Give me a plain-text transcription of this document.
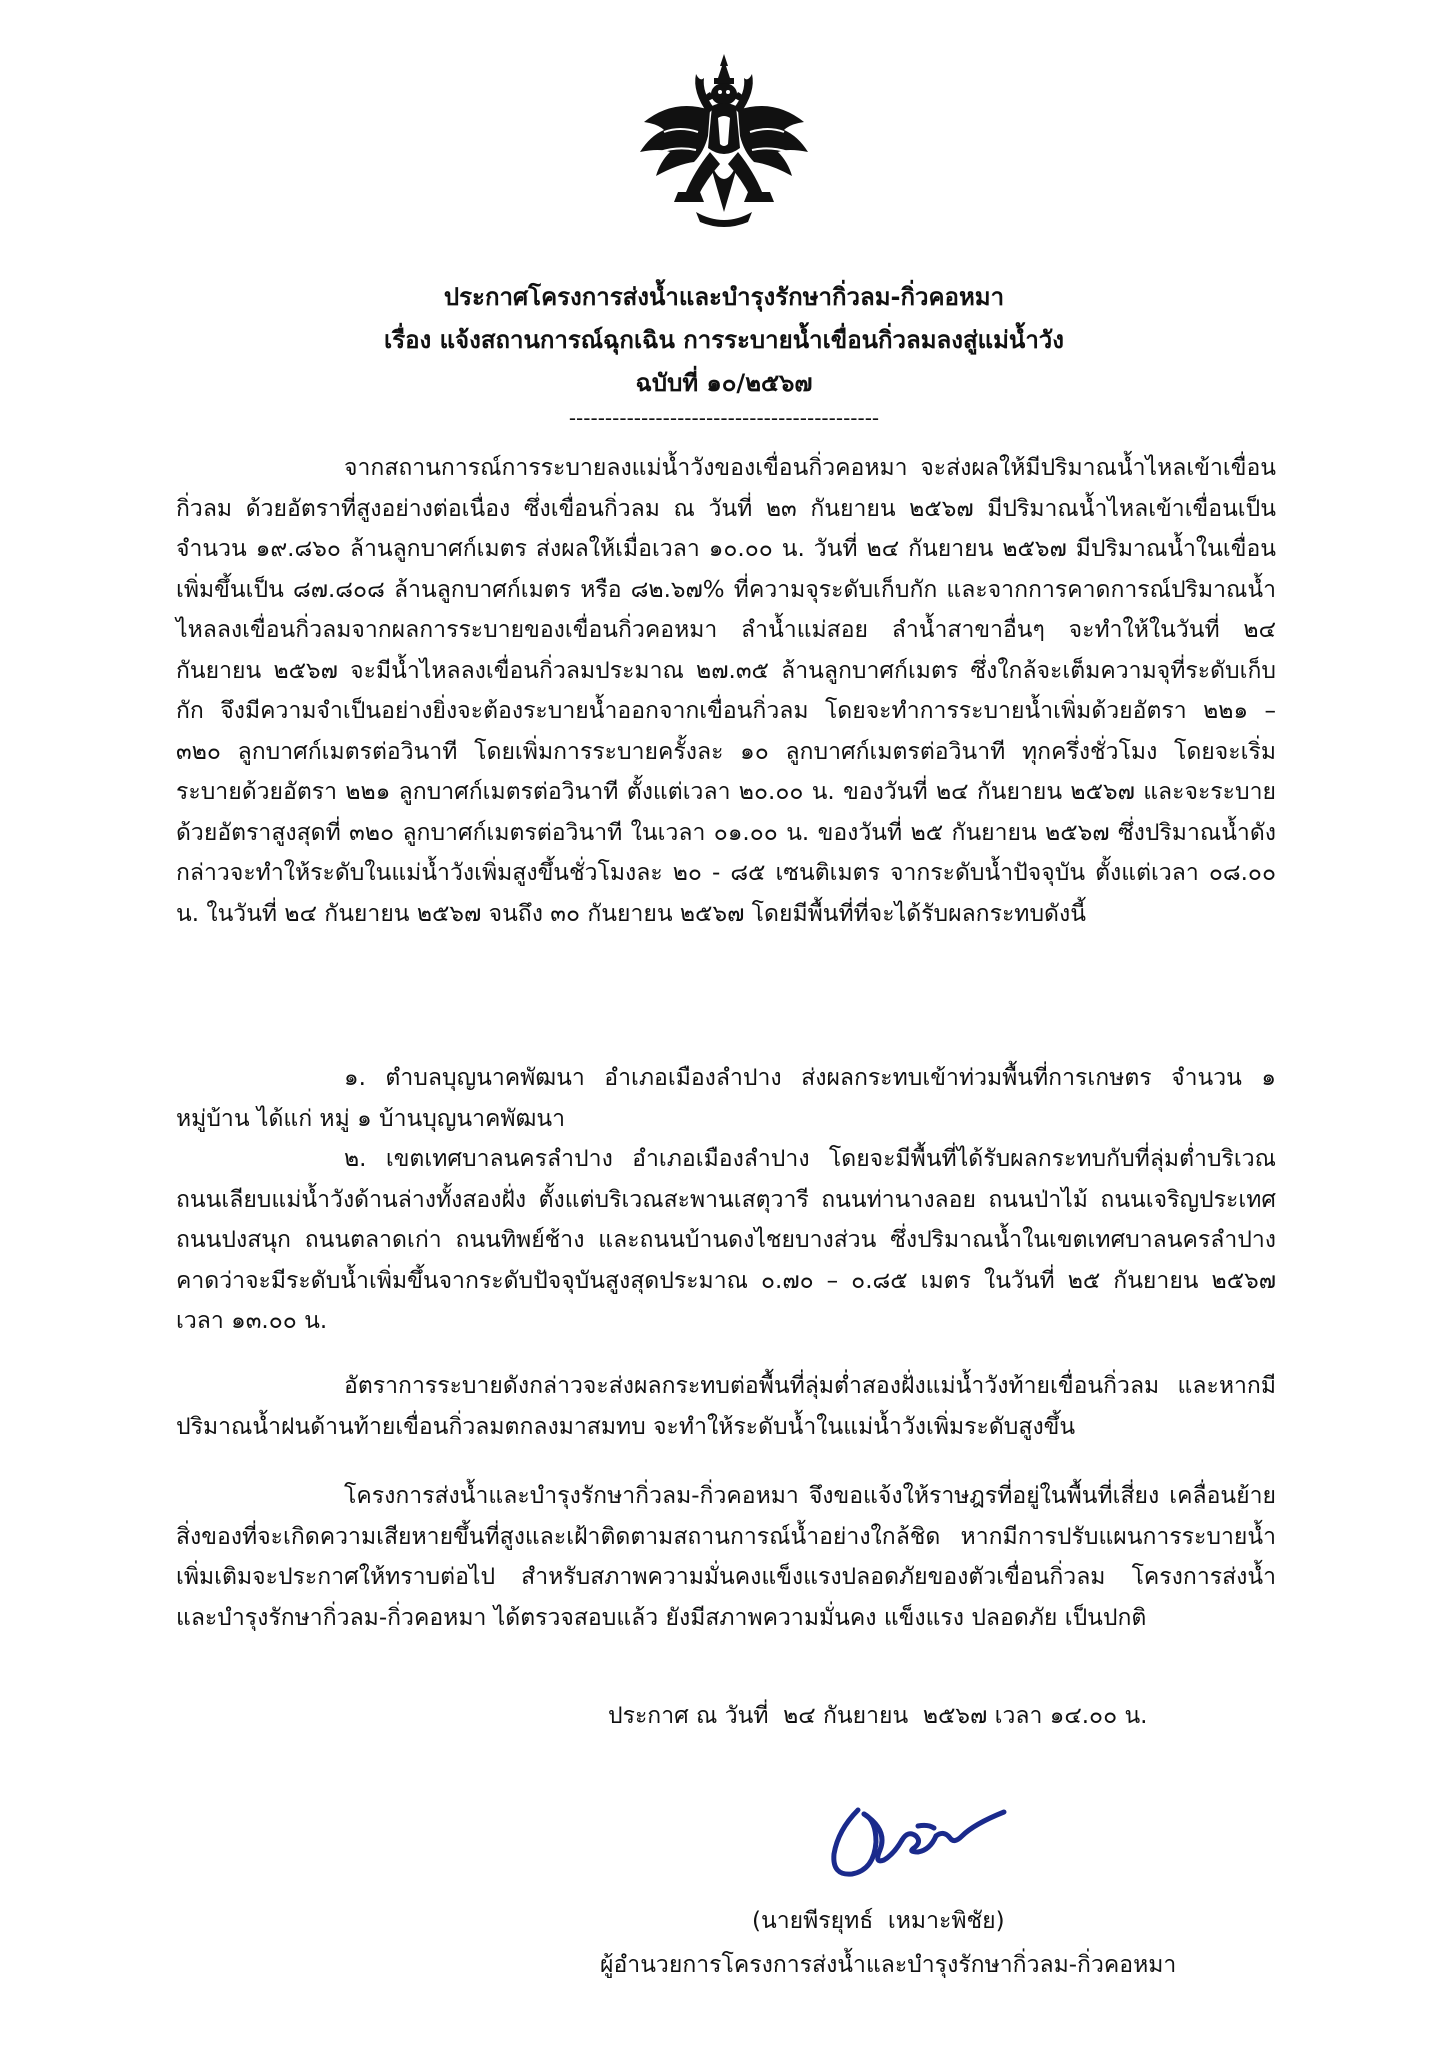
ประกาศโครงการส่งน้ำและบำรุงรักษากิ่วลม-กิ่วคอหมา
เรื่อง แจ้งสถานการณ์ฉุกเฉิน การระบายน้ำเขื่อนกิ่วลมลงสู่แม่น้ำวัง
ฉบับที่ ๑๐/๒๕๖๗
-------------------------------------------

จากสถานการณ์การระบายลงแม่น้ำวังของเขื่อนกิ่วคอหมา จะส่งผลให้มีปริมาณน้ำไหลเข้าเขื่อนกิ่วลม ด้วยอัตราที่สูงอย่างต่อเนื่อง ซึ่งเขื่อนกิ่วลม ณ วันที่ ๒๓ กันยายน ๒๕๖๗ มีปริมาณน้ำไหลเข้าเขื่อนเป็นจำนวน ๑๙.๘๖๐ ล้านลูกบาศก์เมตร ส่งผลให้เมื่อเวลา ๑๐.๐๐ น. วันที่ ๒๔ กันยายน ๒๕๖๗ มีปริมาณน้ำในเขื่อนเพิ่มขึ้นเป็น ๘๗.๘๐๘ ล้านลูกบาศก์เมตร หรือ ๘๒.๖๗% ที่ความจุระดับเก็บกัก และจากการคาดการณ์ปริมาณน้ำไหลลงเขื่อนกิ่วลมจากผลการระบายของเขื่อนกิ่วคอหมา ลำน้ำแม่สอย ลำน้ำสาขาอื่นๆ จะทำให้ในวันที่ ๒๔ กันยายน ๒๕๖๗ จะมีน้ำไหลลงเขื่อนกิ่วลมประมาณ ๒๗.๓๕ ล้านลูกบาศก์เมตร ซึ่งใกล้จะเต็มความจุที่ระดับเก็บกัก จึงมีความจำเป็นอย่างยิ่งจะต้องระบายน้ำออกจากเขื่อนกิ่วลม โดยจะทำการระบายน้ำเพิ่มด้วยอัตรา ๒๒๑ – ๓๒๐ ลูกบาศก์เมตรต่อวินาที โดยเพิ่มการระบายครั้งละ ๑๐ ลูกบาศก์เมตรต่อวินาที ทุกครึ่งชั่วโมง โดยจะเริ่มระบายด้วยอัตรา ๒๒๑ ลูกบาศก์เมตรต่อวินาที ตั้งแต่เวลา ๒๐.๐๐ น. ของวันที่ ๒๔ กันยายน ๒๕๖๗ และจะระบายด้วยอัตราสูงสุดที่ ๓๒๐ ลูกบาศก์เมตรต่อวินาที ในเวลา ๐๑.๐๐ น. ของวันที่ ๒๕ กันยายน ๒๕๖๗ ซึ่งปริมาณน้ำดังกล่าวจะทำให้ระดับในแม่น้ำวังเพิ่มสูงขึ้นชั่วโมงละ ๒๐ - ๘๕ เซนติเมตร จากระดับน้ำปัจจุบัน ตั้งแต่เวลา ๐๘.๐๐ น. ในวันที่ ๒๔ กันยายน ๒๕๖๗ จนถึง ๓๐ กันยายน ๒๕๖๗ โดยมีพื้นที่ที่จะได้รับผลกระทบดังนี้

๑. ตำบลบุญนาคพัฒนา อำเภอเมืองลำปาง ส่งผลกระทบเข้าท่วมพื้นที่การเกษตร จำนวน ๑ หมู่บ้าน ได้แก่ หมู่ ๑ บ้านบุญนาคพัฒนา

๒. เขตเทศบาลนครลำปาง อำเภอเมืองลำปาง โดยจะมีพื้นที่ได้รับผลกระทบกับที่ลุ่มต่ำบริเวณถนนเลียบแม่น้ำวังด้านล่างทั้งสองฝั่ง ตั้งแต่บริเวณสะพานเสตุวารี ถนนท่านางลอย ถนนป่าไม้ ถนนเจริญประเทศ ถนนปงสนุก ถนนตลาดเก่า ถนนทิพย์ช้าง และถนนบ้านดงไชยบางส่วน ซึ่งปริมาณน้ำในเขตเทศบาลนครลำปาง คาดว่าจะมีระดับน้ำเพิ่มขึ้นจากระดับปัจจุบันสูงสุดประมาณ ๐.๗๐ – ๐.๘๕ เมตร ในวันที่ ๒๕ กันยายน ๒๕๖๗ เวลา ๑๓.๐๐ น.

อัตราการระบายดังกล่าวจะส่งผลกระทบต่อพื้นที่ลุ่มต่ำสองฝั่งแม่น้ำวังท้ายเขื่อนกิ่วลม และหากมีปริมาณน้ำฝนด้านท้ายเขื่อนกิ่วลมตกลงมาสมทบ จะทำให้ระดับน้ำในแม่น้ำวังเพิ่มระดับสูงขึ้น

โครงการส่งน้ำและบำรุงรักษากิ่วลม-กิ่วคอหมา จึงขอแจ้งให้ราษฎรที่อยู่ในพื้นที่เสี่ยง เคลื่อนย้ายสิ่งของที่จะเกิดความเสียหายขึ้นที่สูงและเฝ้าติดตามสถานการณ์น้ำอย่างใกล้ชิด หากมีการปรับแผนการระบายน้ำเพิ่มเติมจะประกาศให้ทราบต่อไป สำหรับสภาพความมั่นคงแข็งแรงปลอดภัยของตัวเขื่อนกิ่วลม โครงการส่งน้ำและบำรุงรักษากิ่วลม-กิ่วคอหมา ได้ตรวจสอบแล้ว ยังมีสภาพความมั่นคง แข็งแรง ปลอดภัย เป็นปกติ

ประกาศ ณ วันที่  ๒๔ กันยายน  ๒๕๖๗ เวลา ๑๔.๐๐ น.
(นายพีรยุทธ์  เหมาะพิชัย)
ผู้อำนวยการโครงการส่งน้ำและบำรุงรักษากิ่วลม-กิ่วคอหมา
